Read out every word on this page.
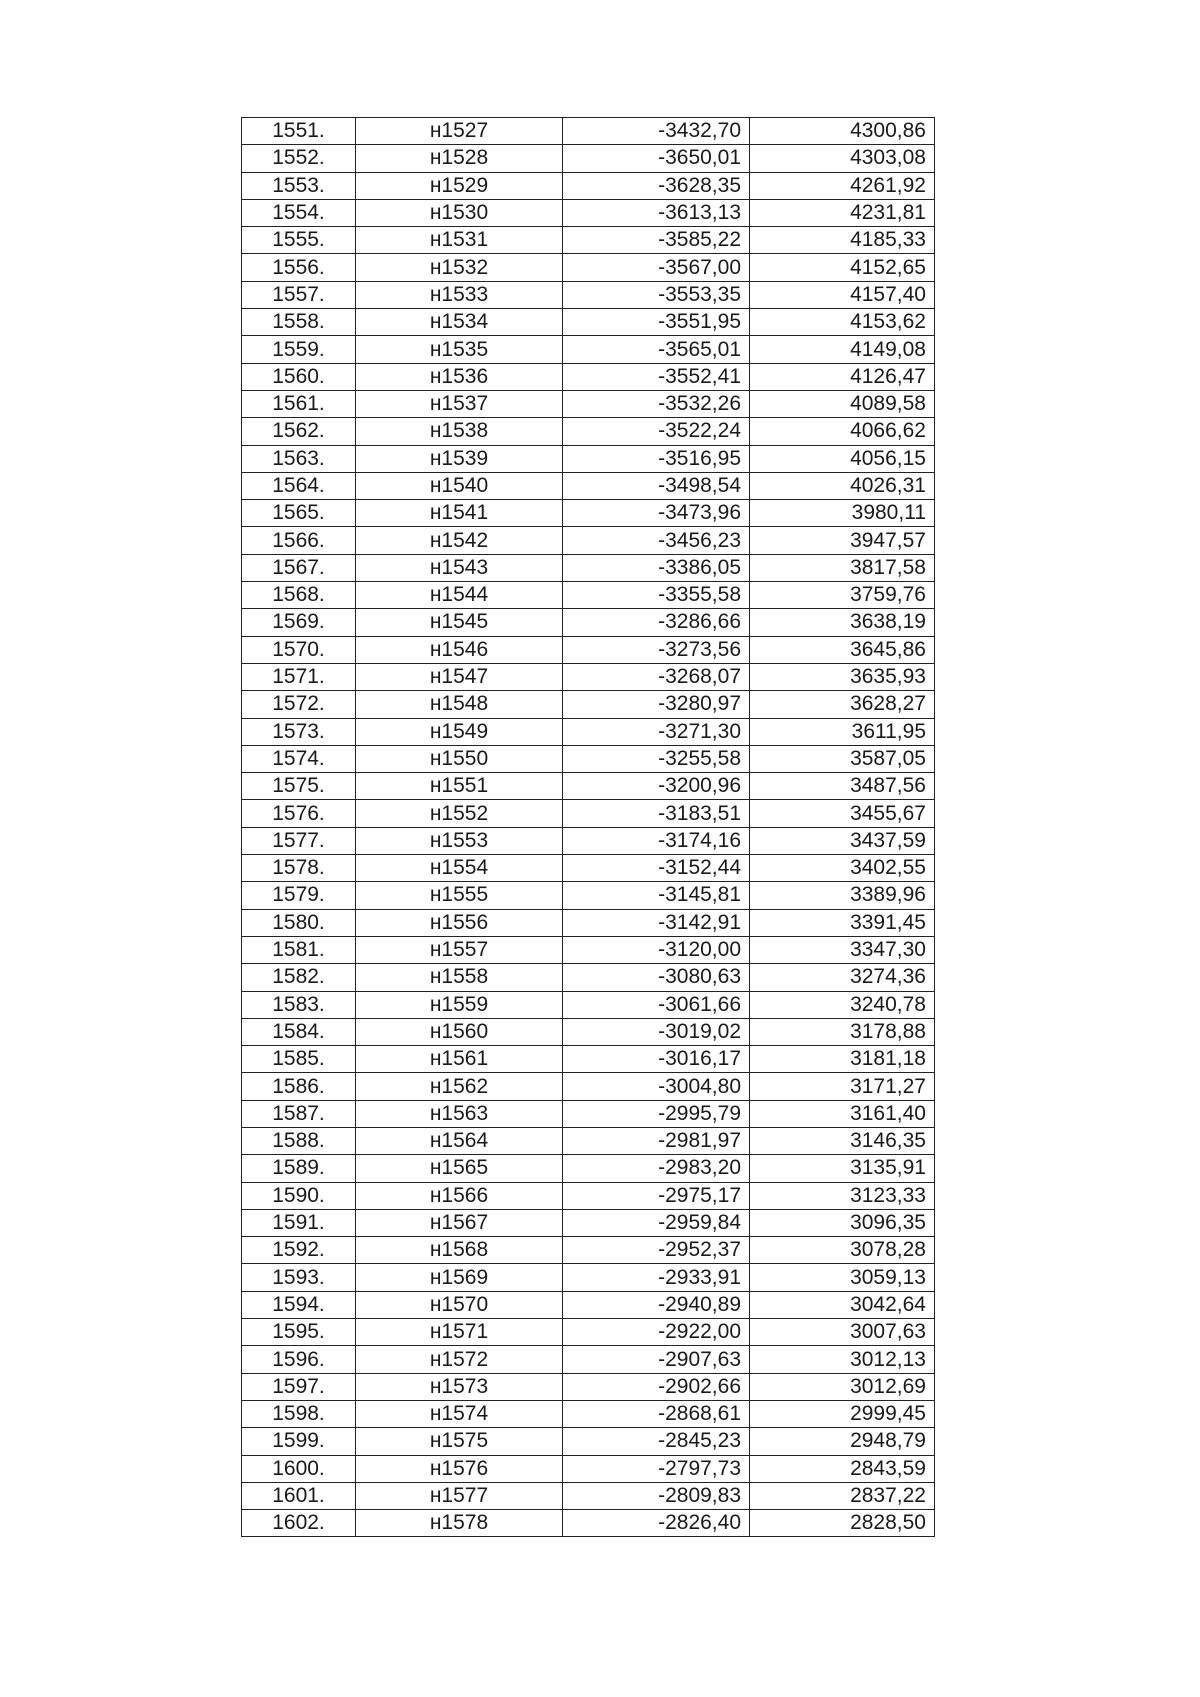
1551.	н1527	-3432,70	4300,86
1552.	н1528	-3650,01	4303,08
1553.	н1529	-3628,35	4261,92
1554.	н1530	-3613,13	4231,81
1555.	н1531	-3585,22	4185,33
1556.	н1532	-3567,00	4152,65
1557.	н1533	-3553,35	4157,40
1558.	н1534	-3551,95	4153,62
1559.	н1535	-3565,01	4149,08
1560.	н1536	-3552,41	4126,47
1561.	н1537	-3532,26	4089,58
1562.	н1538	-3522,24	4066,62
1563.	н1539	-3516,95	4056,15
1564.	н1540	-3498,54	4026,31
1565.	н1541	-3473,96	3980,11
1566.	н1542	-3456,23	3947,57
1567.	н1543	-3386,05	3817,58
1568.	н1544	-3355,58	3759,76
1569.	н1545	-3286,66	3638,19
1570.	н1546	-3273,56	3645,86
1571.	н1547	-3268,07	3635,93
1572.	н1548	-3280,97	3628,27
1573.	н1549	-3271,30	3611,95
1574.	н1550	-3255,58	3587,05
1575.	н1551	-3200,96	3487,56
1576.	н1552	-3183,51	3455,67
1577.	н1553	-3174,16	3437,59
1578.	н1554	-3152,44	3402,55
1579.	н1555	-3145,81	3389,96
1580.	н1556	-3142,91	3391,45
1581.	н1557	-3120,00	3347,30
1582.	н1558	-3080,63	3274,36
1583.	н1559	-3061,66	3240,78
1584.	н1560	-3019,02	3178,88
1585.	н1561	-3016,17	3181,18
1586.	н1562	-3004,80	3171,27
1587.	н1563	-2995,79	3161,40
1588.	н1564	-2981,97	3146,35
1589.	н1565	-2983,20	3135,91
1590.	н1566	-2975,17	3123,33
1591.	н1567	-2959,84	3096,35
1592.	н1568	-2952,37	3078,28
1593.	н1569	-2933,91	3059,13
1594.	н1570	-2940,89	3042,64
1595.	н1571	-2922,00	3007,63
1596.	н1572	-2907,63	3012,13
1597.	н1573	-2902,66	3012,69
1598.	н1574	-2868,61	2999,45
1599.	н1575	-2845,23	2948,79
1600.	н1576	-2797,73	2843,59
1601.	н1577	-2809,83	2837,22
1602.	н1578	-2826,40	2828,50
